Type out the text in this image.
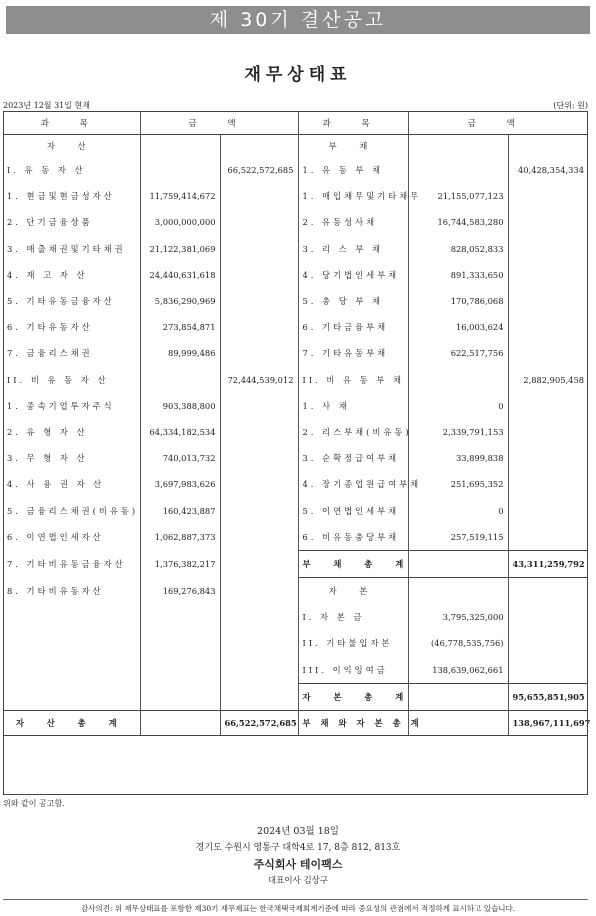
제 30기 결산공고
재무상태표
2023년 12월 31일 현재	(단위: 원)
과 목	금 액		과 목	금 액	
자 산			부 채		
I. 유 동 자 산		66,522,572,685	1. 유 동 부 채		40,428,354,334
1. 현금및현금성자산	11,759,414,672		1. 매입채무및기타채무	21,155,077,123	
2. 단기금융상품	3,000,000,000		2. 유동성사채	16,744,583,280	
3. 매출채권및기타채권	21,122,381,069		3. 리 스 부 채	828,052,833	
4. 재 고 자 산	24,440,631,618		4. 당기법인세부채	891,333,650	
5. 기타유동금융자산	5,836,290,969		5. 충 당 부 채	170,786,068	
6. 기타유동자산	273,854,871		6. 기타금융부채	16,003,624	
7. 금융리스채권	89,999,486		7. 기타유동부채	622,517,756	
II. 비 유 동 자 산		72,444,539,012	II. 비 유 동 부 채		2,882,905,458
1. 종속기업투자주식	903,388,800		1. 사 채	0	
2. 유 형 자 산	64,334,182,534		2. 리스부채(비유동)	2,339,791,153	
3. 무 형 자 산	740,013,732		3. 순확정급여부채	33,899,838	
4. 사 용 권 자 산	3,697,983,626		4. 장기종업원급여부채	251,695,352	
5. 금융리스채권(비유동)	160,423,887		5. 이연법인세부채	0	
6. 이연법인세자산	1,062,887,373		6. 비유동충당부채	257,519,115	
7. 기타비유동금융자산	1,376,382,217		부 채 총 계		43,311,259,792
8. 기타비유동자산	169,276,843		자 본		
			I. 자 본 금	3,795,325,000	
			II. 기타불입자본	(46,778,535,756)	
			III. 이익잉여금	138,639,062,661	
			자 본 총 계		95,655,851,905
자 산 총 계		66,522,572,685	부채와자본총계		138,967,111,697
위와 같이 공고함.
2024년 03월 18일
경기도 수원시 영통구 대학4로 17, 8층 812, 813호
주식회사 테이팩스
대표이사 김상구
감사의견: 위 재무상태표를 포함한 제30기 재무제표는 한국채택국제회계기준에 따라 중요성의 관점에서 적정하게 표시하고 있습니다.
